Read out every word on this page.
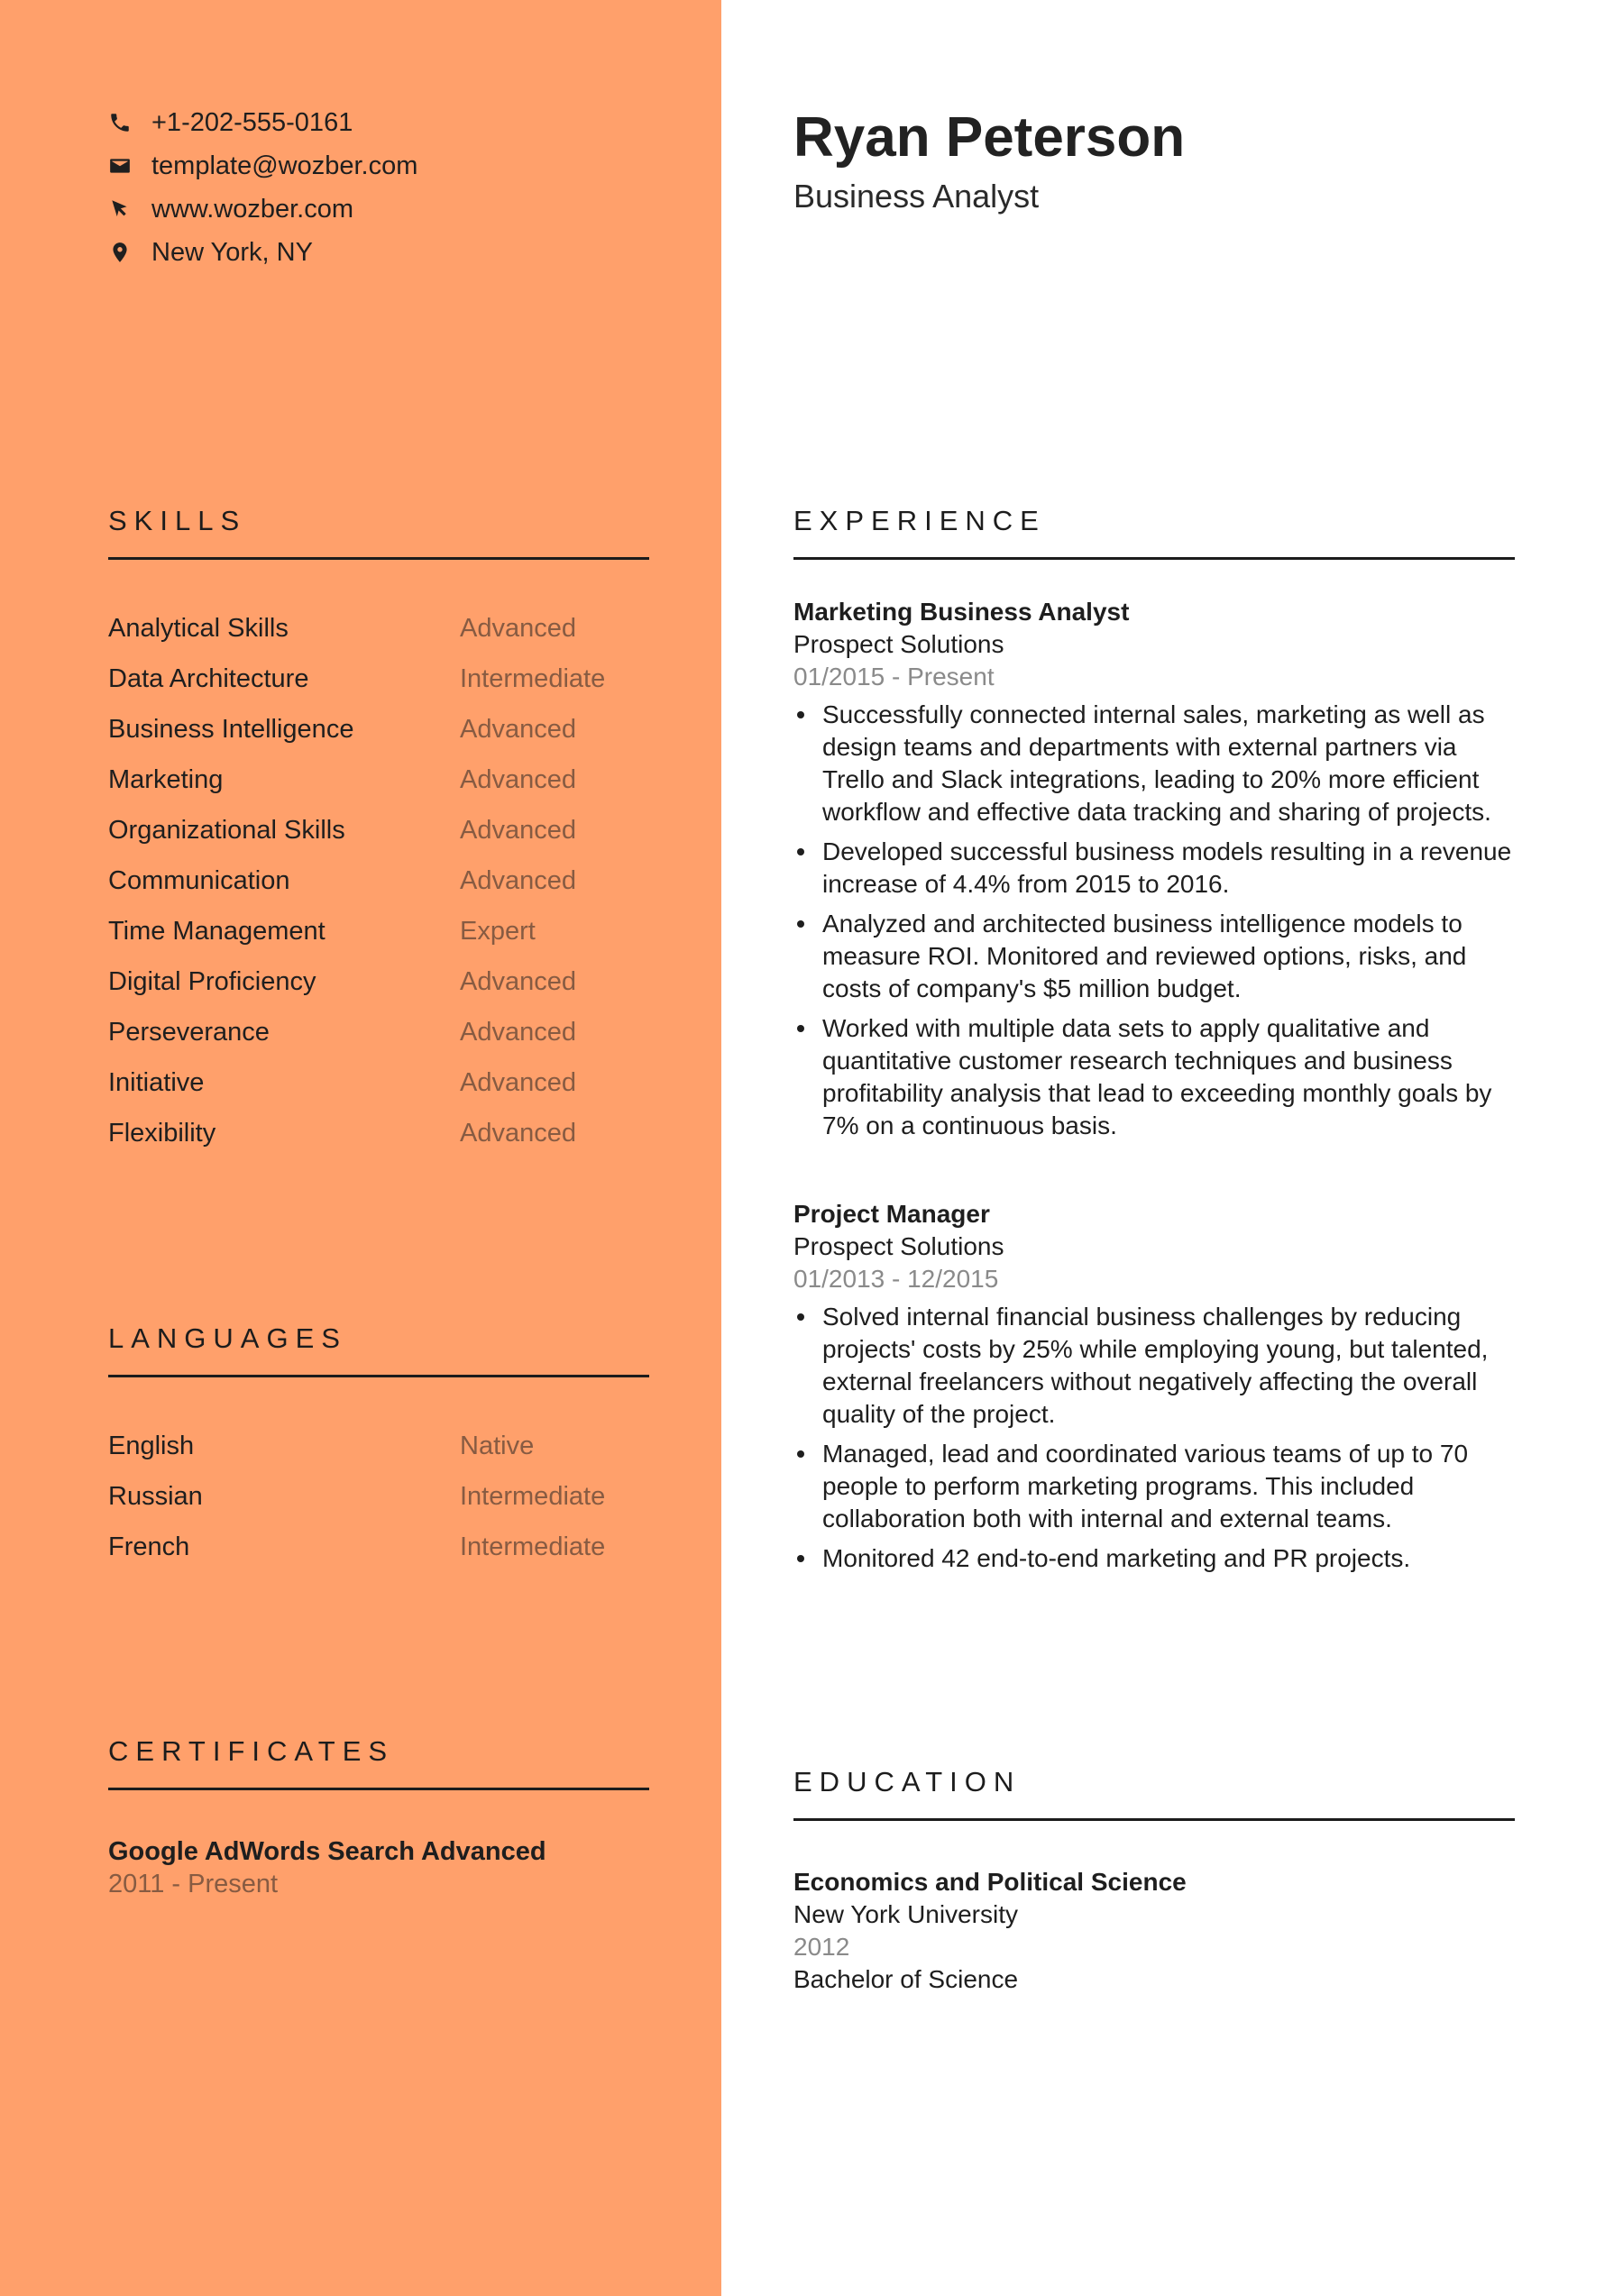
+1-202-555-0161
template@wozber.com
www.wozber.com
New York, NY
SKILLS
Analytical Skills	Advanced
Data Architecture	Intermediate
Business Intelligence	Advanced
Marketing	Advanced
Organizational Skills	Advanced
Communication	Advanced
Time Management	Expert
Digital Proficiency	Advanced
Perseverance	Advanced
Initiative	Advanced
Flexibility	Advanced
LANGUAGES
English	Native
Russian	Intermediate
French	Intermediate
CERTIFICATES
Google AdWords Search Advanced
2011 - Present
Ryan Peterson
Business Analyst
EXPERIENCE
Marketing Business Analyst
Prospect Solutions
01/2015 - Present
Successfully connected internal sales, marketing as well as design teams and departments with external partners via Trello and Slack integrations, leading to 20% more efficient workflow and effective data tracking and sharing of projects.
Developed successful business models resulting in a revenue increase of 4.4% from 2015 to 2016.
Analyzed and architected business intelligence models to measure ROI. Monitored and reviewed options, risks, and costs of company's $5 million budget.
Worked with multiple data sets to apply qualitative and quantitative customer research techniques and business profitability analysis that lead to exceeding monthly goals by 7% on a continuous basis.
Project Manager
Prospect Solutions
01/2013 - 12/2015
Solved internal financial business challenges by reducing projects' costs by 25% while employing young, but talented, external freelancers without negatively affecting the overall quality of the project.
Managed, lead and coordinated various teams of up to 70 people to perform marketing programs. This included collaboration both with internal and external teams.
Monitored 42 end-to-end marketing and PR projects.
EDUCATION
Economics and Political Science
New York University
2012
Bachelor of Science
